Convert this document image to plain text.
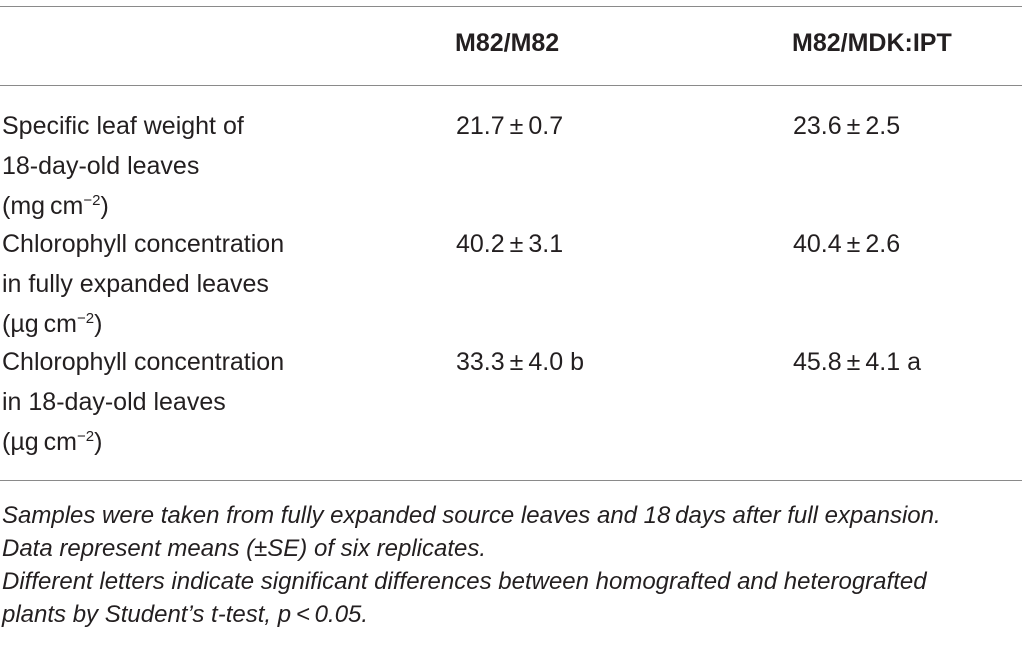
M82/M82	M82/MDK:IPT
Specific leaf weight of
18-day-old leaves
(mg $cm^{-2}$)
21.7 ± 0.7	23.6 ± 2.5
Chlorophyll concentration
in fully expanded leaves
(µg $cm^{-2}$)
40.2 ± 3.1	40.4 ± 2.6
Chlorophyll concentration
in 18-day-old leaves
(µg $cm^{-2}$)
33.3 ± 4.0 b	45.8 ± 4.1 a

Samples were taken from fully expanded source leaves and 18 days after full expansion.

Data represent means (±SE) of six replicates.

Different letters indicate significant differences between homografted and heterografted

plants by Student’s t-test, p < 0.05.
